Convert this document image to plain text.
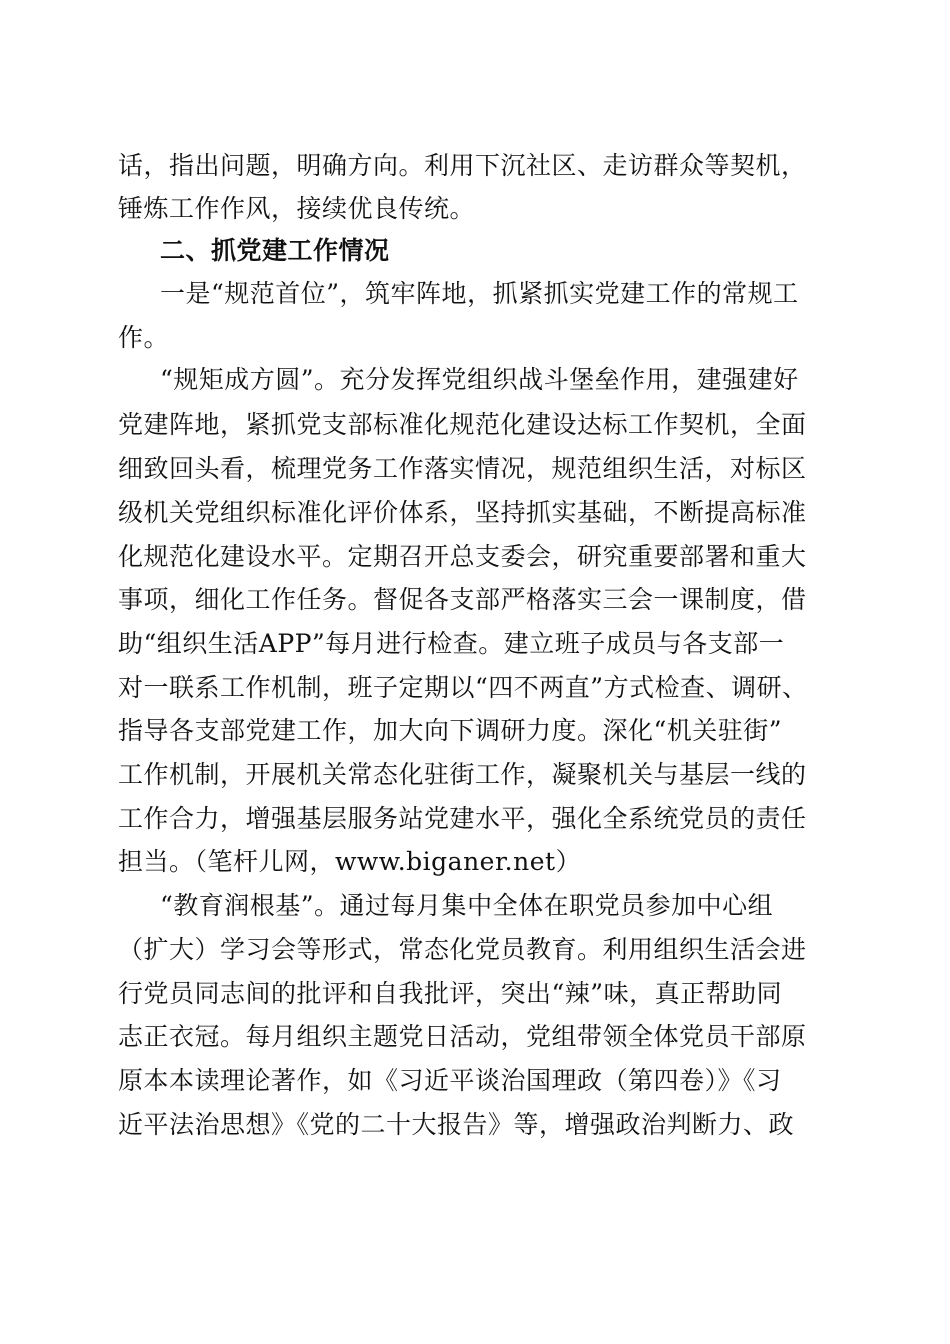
话，指出问题，明确方向。利用下沉社区、走访群众等契机，
锤炼工作作风，接续优良传统。
二、抓党建工作情况
一是“规范首位”，筑牢阵地，抓紧抓实党建工作的常规工
作。
“规矩成方圆”。充分发挥党组织战斗堡垒作用，建强建好
党建阵地，紧抓党支部标准化规范化建设达标工作契机，全面
细致回头看，梳理党务工作落实情况，规范组织生活，对标区
级机关党组织标准化评价体系，坚持抓实基础，不断提高标准
化规范化建设水平。定期召开总支委会，研究重要部署和重大
事项，细化工作任务。督促各支部严格落实三会一课制度，借
助“组织生活APP”每月进行检查。建立班子成员与各支部一
对一联系工作机制，班子定期以“四不两直”方式检查、调研、
指导各支部党建工作，加大向下调研力度。深化“机关驻街”
工作机制，开展机关常态化驻街工作，凝聚机关与基层一线的
工作合力，增强基层服务站党建水平，强化全系统党员的责任
担当。（笔杆儿网，www.biganer.net）
“教育润根基”。通过每月集中全体在职党员参加中心组
（扩大）学习会等形式，常态化党员教育。利用组织生活会进
行党员同志间的批评和自我批评，突出“辣”味，真正帮助同
志正衣冠。每月组织主题党日活动，党组带领全体党员干部原
原本本读理论著作，如《习近平谈治国理政（第四卷）》《习
近平法治思想》《党的二十大报告》等，增强政治判断力、政
